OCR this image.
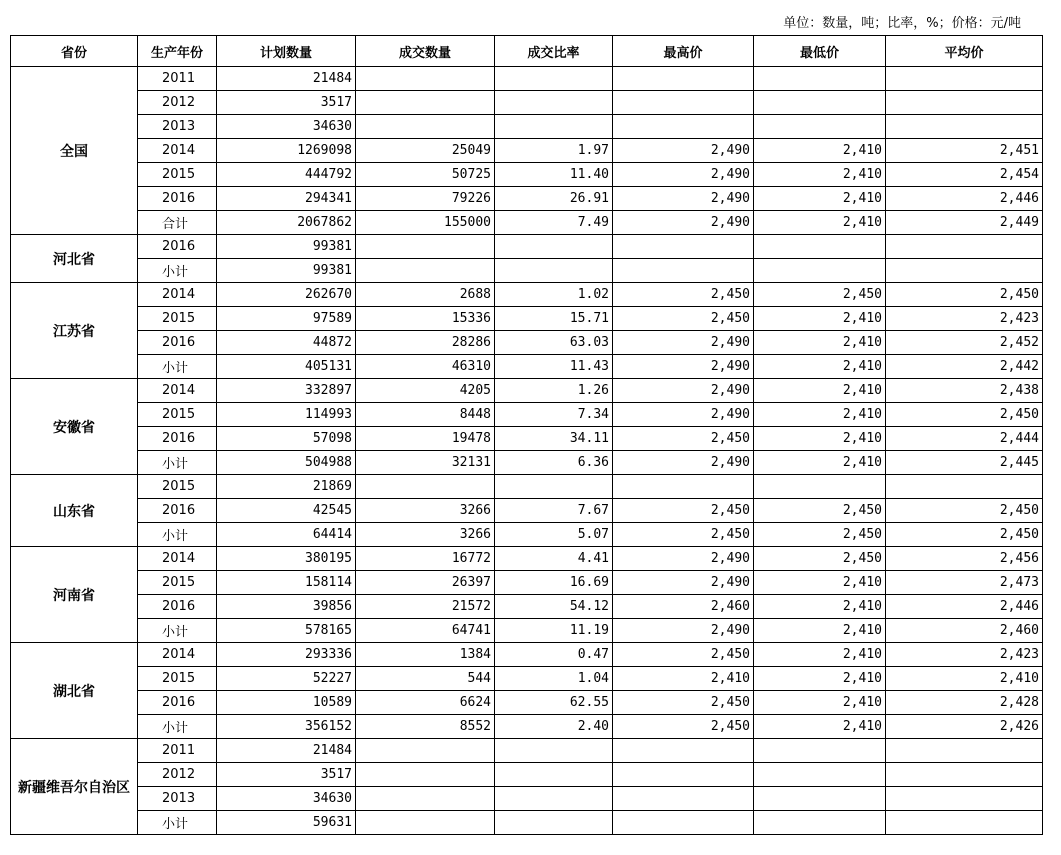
单位：数量，吨；比率，%；价格：元/吨
省份	生产年份	计划数量	成交数量	成交比率	最高价	最低价	平均价
全国	2011	21484					
	2012	3517					
	2013	34630					
	2014	1269098	25049	1.97	2,490	2,410	2,451
	2015	444792	50725	11.40	2,490	2,410	2,454
	2016	294341	79226	26.91	2,490	2,410	2,446
	合计	2067862	155000	7.49	2,490	2,410	2,449
河北省	2016	99381					
	小计	99381					
江苏省	2014	262670	2688	1.02	2,450	2,450	2,450
	2015	97589	15336	15.71	2,450	2,410	2,423
	2016	44872	28286	63.03	2,490	2,410	2,452
	小计	405131	46310	11.43	2,490	2,410	2,442
安徽省	2014	332897	4205	1.26	2,490	2,410	2,438
	2015	114993	8448	7.34	2,490	2,410	2,450
	2016	57098	19478	34.11	2,450	2,410	2,444
	小计	504988	32131	6.36	2,490	2,410	2,445
山东省	2015	21869					
	2016	42545	3266	7.67	2,450	2,450	2,450
	小计	64414	3266	5.07	2,450	2,450	2,450
河南省	2014	380195	16772	4.41	2,490	2,450	2,456
	2015	158114	26397	16.69	2,490	2,410	2,473
	2016	39856	21572	54.12	2,460	2,410	2,446
	小计	578165	64741	11.19	2,490	2,410	2,460
湖北省	2014	293336	1384	0.47	2,450	2,410	2,423
	2015	52227	544	1.04	2,410	2,410	2,410
	2016	10589	6624	62.55	2,450	2,410	2,428
	小计	356152	8552	2.40	2,450	2,410	2,426
新疆维吾尔自治区	2011	21484					
	2012	3517					
	2013	34630					
	小计	59631					
